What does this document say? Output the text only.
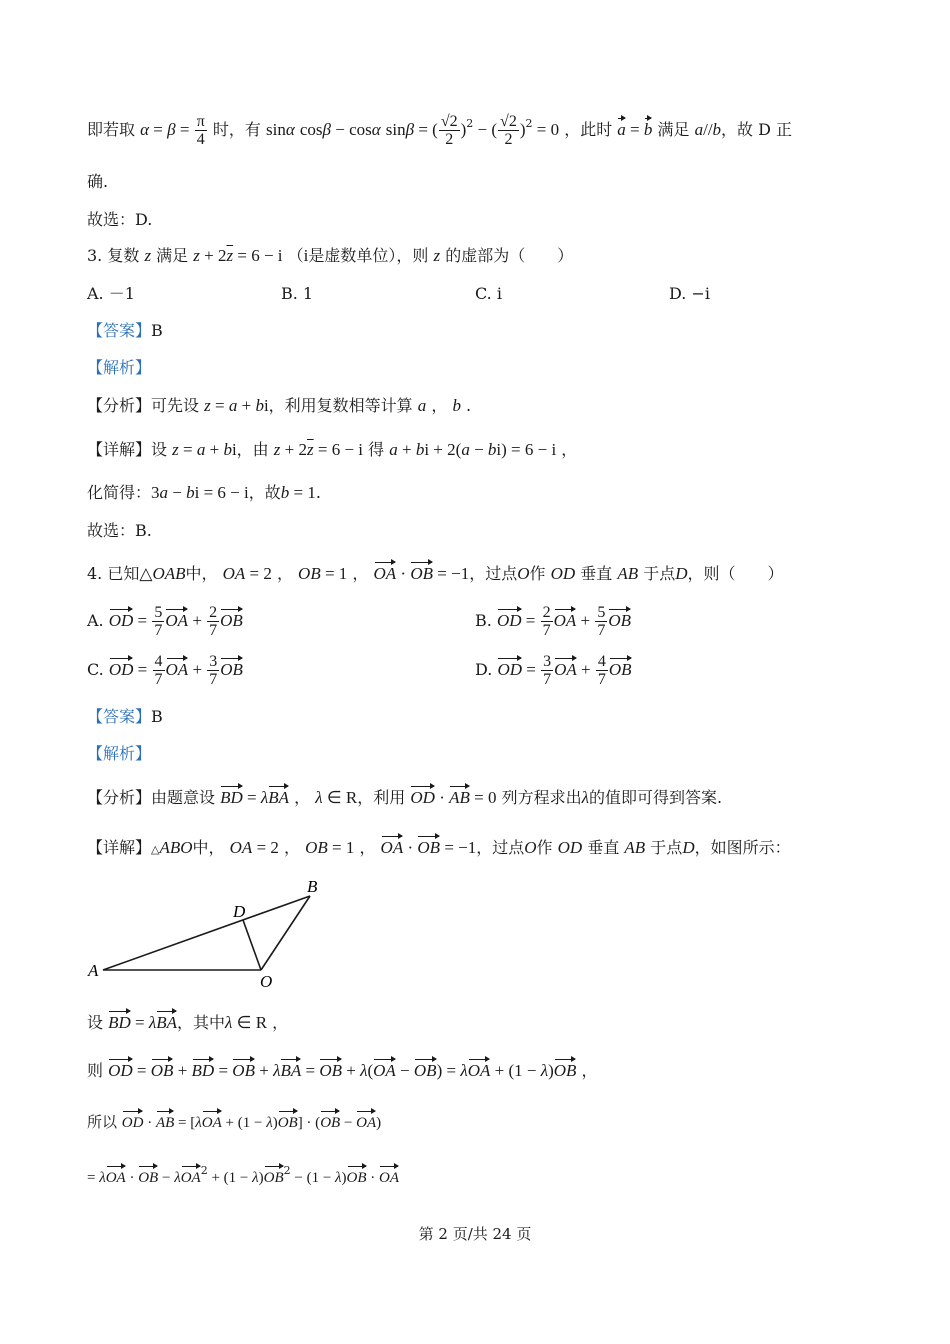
即若取 $\alpha = \beta = \frac{\pi}{4}$ 时，有 sinα cosβ − cosα sinβ = ( $\frac{√2}{2} )^2$ − ( $\frac{√2}{2} )^2 = 0$ ，此时 a = b 满足 a//b，故 D 正
确.
故选：D.
3. 复数 z 满足 $z + 2\overline{z} = 6 - i$ （i是虚数单位），则 z 的虚部为（　　）
A. －1	B. 1	C. i	D. −i
【答案】B
【解析】
【分析】可先设 z = a + bi，利用复数相等计算 a ， b .
【详解】设 z = a + bi，由 $z + 2\overline{z} = 6 - i$ 得 a + bi + 2(a − bi) = 6 − i ，
化简得：3a − bi = 6 − i，故b = 1.
故选：B.
4. 已知△OAB中， OA = 2 ， OB = 1 ， OA · OB = −1，过点O作 OD 垂直 AB 于点D，则（　　）
A. OD = $\frac{5}{7}$ OA + $\frac{2}{7}$ OB	B. OD = $\frac{2}{7}$ OA + $\frac{5}{7}$ OB
C. OD = $\frac{4}{7}$ OA + $\frac{3}{7}$ OB	D. OD = $\frac{3}{7}$ OA + $\frac{4}{7}$ OB
【答案】B
【解析】
【分析】由题意设 BD = λBA ， λ ∈ R，利用 OD · AB = 0 列方程求出λ的值即可得到答案.
【详解】△ABO中， OA = 2 ， OB = 1 ， OA · OB = −1，过点O作 OD 垂直 AB 于点D，如图所示：
A
B
D
O
设 BD = λBA，其中λ ∈ R ，
则 OD = OB + BD = OB + λBA = OB + λ(OA − OB) = λOA + (1 − λ)OB ，
所以 OD · AB = [λOA + (1 − λ)OB] · (OB − OA)
= λOA · OB − $\lambda OA^2 + (1 - \lambda)OB^2 - (1 - \lambda)OB$ · OA
第 2 页/共 24 页
